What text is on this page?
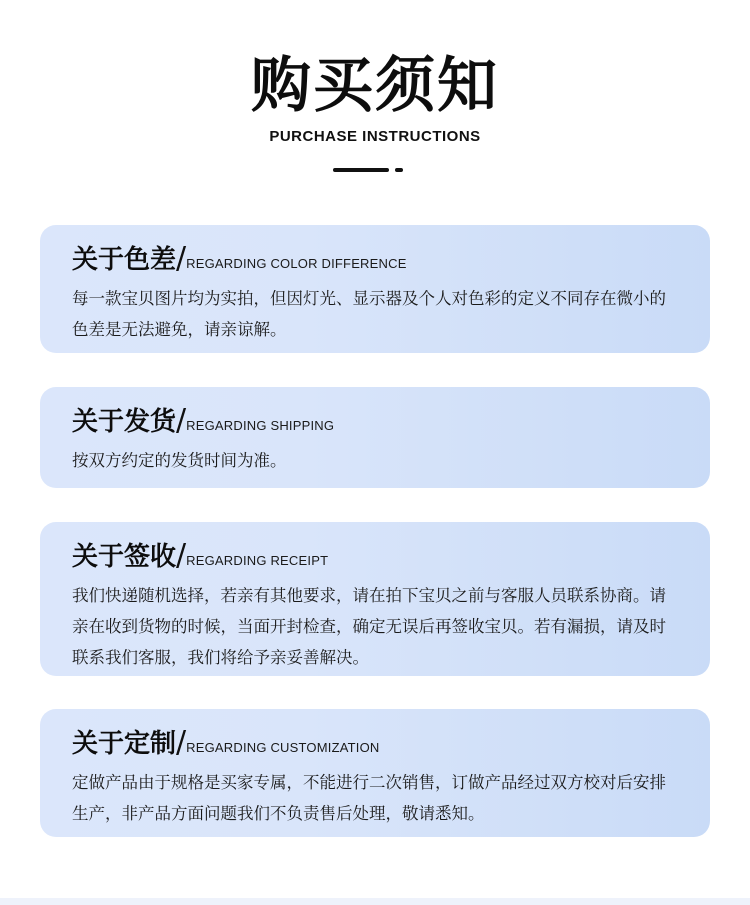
购买须知
PURCHASE INSTRUCTIONS
关于色差/REGARDING COLOR DIFFERENCE
每一款宝贝图片均为实拍，但因灯光、显示器及个人对色彩的定义不同存在微小的色差是无法避免，请亲谅解。
关于发货/REGARDING SHIPPING
按双方约定的发货时间为准。
关于签收/REGARDING RECEIPT
我们快递随机选择，若亲有其他要求，请在拍下宝贝之前与客服人员联系协商。请亲在收到货物的时候，当面开封检查，确定无误后再签收宝贝。若有漏损，请及时联系我们客服，我们将给予亲妥善解决。
关于定制/REGARDING CUSTOMIZATION
定做产品由于规格是买家专属，不能进行二次销售，订做产品经过双方校对后安排生产，非产品方面问题我们不负责售后处理，敬请悉知。
